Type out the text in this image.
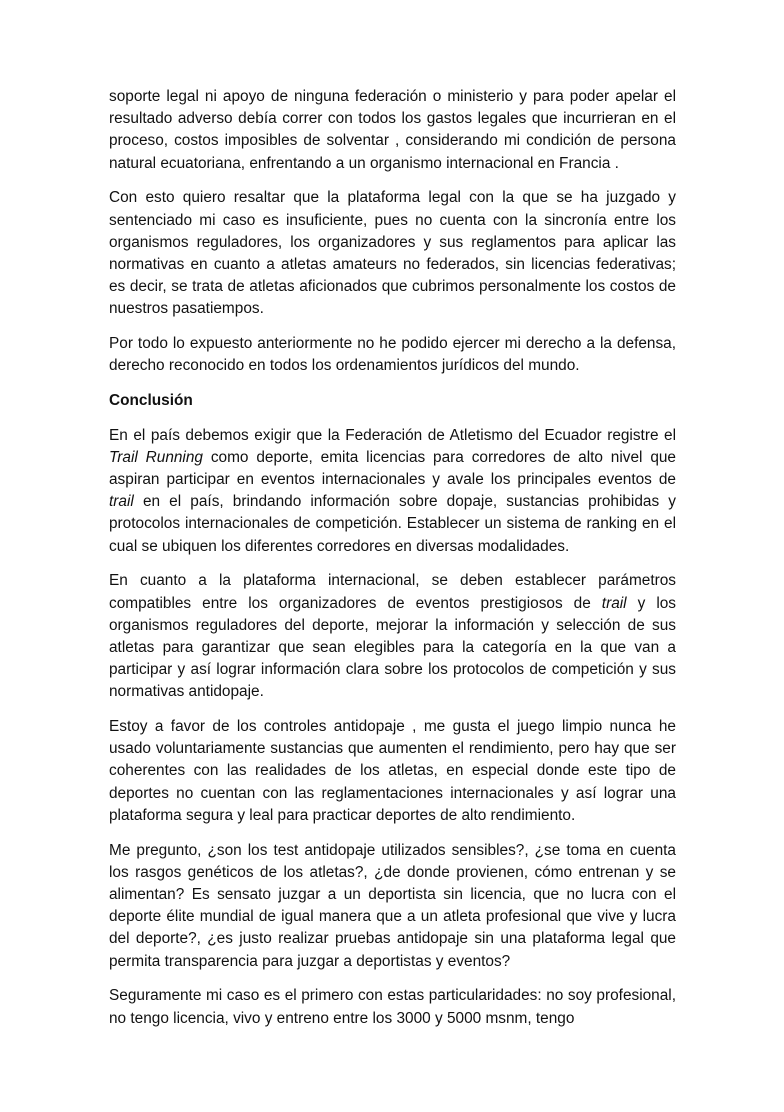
soporte legal ni apoyo de ninguna federación o ministerio y para poder apelar el resultado adverso debía correr con todos los gastos legales que incurrieran en el proceso, costos imposibles de solventar , considerando mi condición de persona natural ecuatoriana, enfrentando a un organismo internacional en Francia .

Con esto quiero resaltar que la plataforma legal con la que se ha juzgado y sentenciado mi caso es insuficiente, pues no cuenta con la sincronía entre los organismos reguladores, los organizadores y sus reglamentos para aplicar las normativas en cuanto a atletas amateurs no federados, sin licencias federativas; es decir, se trata de atletas aficionados que cubrimos personalmente los costos de nuestros pasatiempos.

Por todo lo expuesto anteriormente no he podido ejercer mi derecho a la defensa, derecho reconocido en todos los ordenamientos jurídicos del mundo.

Conclusión

En el país debemos exigir que la Federación de Atletismo del Ecuador registre el Trail Running como deporte, emita licencias para corredores de alto nivel que aspiran participar en eventos internacionales y avale los principales eventos de trail en el país, brindando información sobre dopaje, sustancias prohibidas y protocolos internacionales de competición. Establecer un sistema de ranking en el cual se ubiquen los diferentes corredores en diversas modalidades.

En cuanto a la plataforma internacional, se deben establecer parámetros compatibles entre los organizadores de eventos prestigiosos de trail y los organismos reguladores del deporte, mejorar la información y selección de sus atletas para garantizar que sean elegibles para la categoría en la que van a participar y así lograr información clara sobre los protocolos de competición y sus normativas antidopaje.

Estoy a favor de los controles antidopaje , me gusta el juego limpio nunca he usado voluntariamente sustancias que aumenten el rendimiento, pero hay que ser coherentes con las realidades de los atletas, en especial donde este tipo de deportes no cuentan con las reglamentaciones internacionales y así lograr una plataforma segura y leal para practicar deportes de alto rendimiento.

Me pregunto, ¿son los test antidopaje utilizados sensibles?, ¿se toma en cuenta los rasgos genéticos de los atletas?, ¿de donde provienen, cómo entrenan y se alimentan? Es sensato juzgar a un deportista sin licencia, que no lucra con el deporte élite mundial de igual manera que a un atleta profesional que vive y lucra del deporte?, ¿es justo realizar pruebas antidopaje sin una plataforma legal que permita transparencia para juzgar a deportistas y eventos?

Seguramente mi caso es el primero con estas particularidades: no soy profesional, no tengo licencia, vivo y entreno entre los 3000 y 5000 msnm, tengo
